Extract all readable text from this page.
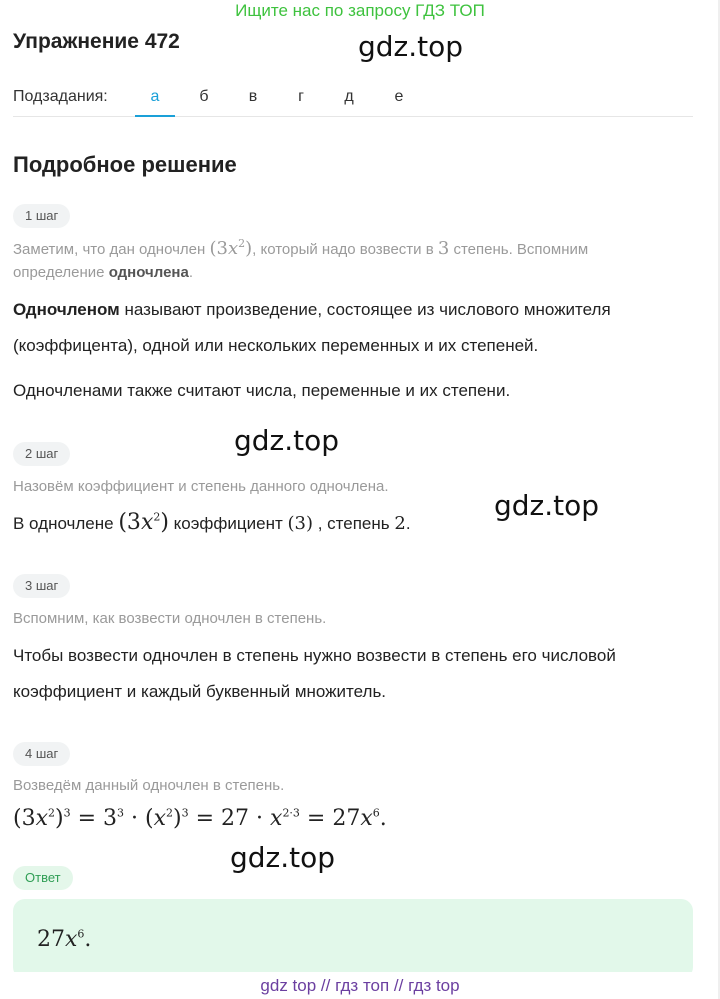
Ищите нас по запросу ГДЗ ТОП
Упражнение 472	gdz.top
Подзадания:	а	б	в	г	д	е
Подробное решение
1 шаг
Заметим, что дан одночлен $(3x^2)$, который надо возвести в 3 степень. Вспомним
определение одночлена.
Одночленом называют произведение, состоящее из числового множителя
(коэффицента), одной или нескольких переменных и их степеней.
Одночленами также считают числа, переменные и их степени.
gdz.top
2 шаг
Назовём коэффициент и степень данного одночлена.
gdz.top
В одночлене $(3x^2)$ коэффициент (3) , степень 2.
3 шаг
Вспомним, как возвести одночлен в степень.
Чтобы возвести одночлен в степень нужно возвести в степень его числовой
коэффициент и каждый буквенный множитель.
4 шаг
Возведём данный одночлен в степень.
$(3x^2)^3 = 3^3 \cdot (x^2)^3 = 27 \cdot x^{2\cdot 3} = 27x^6$.
gdz.top
Ответ
$27x^6$.
gdz top // гдз топ // гдз top
